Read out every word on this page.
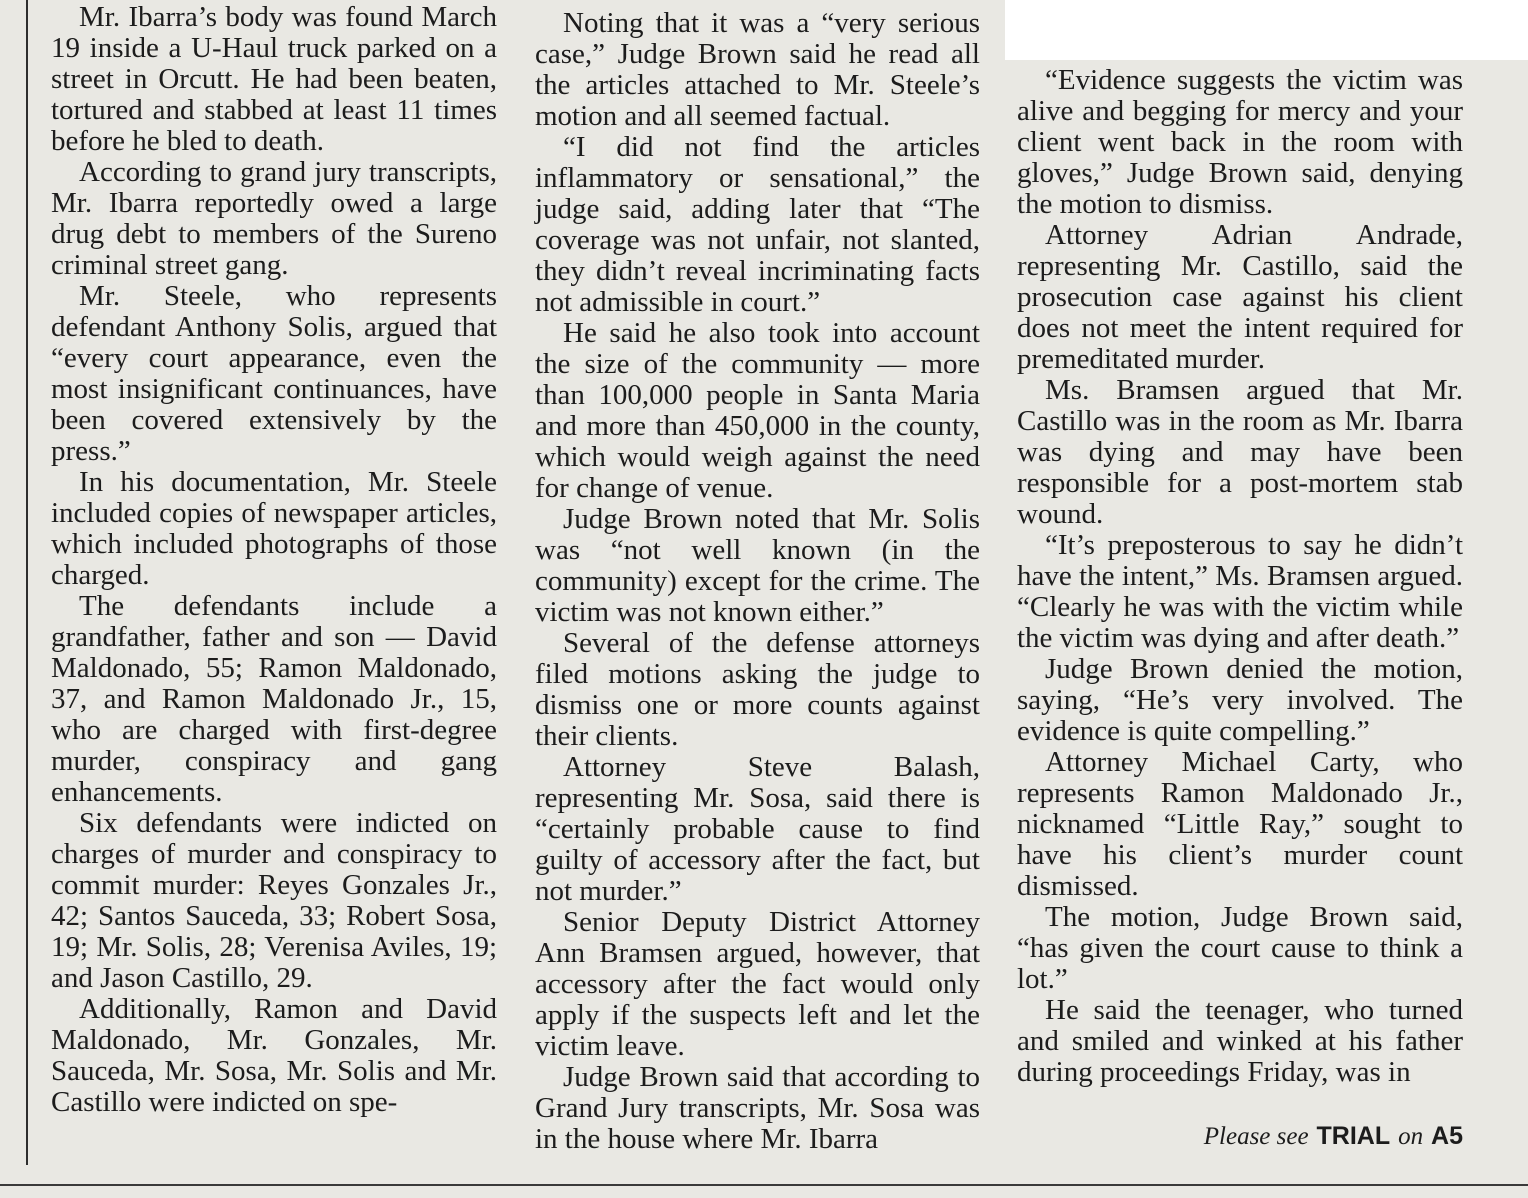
Mr. Ibarra’s body was found March 19 inside a U-Haul truck parked on a street in Orcutt. He had been beaten, tortured and stabbed at least 11 times before he bled to death.

According to grand jury transcripts, Mr. Ibarra reportedly owed a large drug debt to members of the Sureno criminal street gang.

Mr. Steele, who represents defendant Anthony Solis, argued that “every court appearance, even the most insignificant continuances, have been covered extensively by the press.”

In his documentation, Mr. Steele included copies of newspaper articles, which included photographs of those charged.

The defendants include a grandfather, father and son — David Maldonado, 55; Ramon Maldonado, 37, and Ramon Maldonado Jr., 15, who are charged with first-degree murder, conspiracy and gang enhancements.

Six defendants were indicted on charges of murder and conspiracy to commit murder: Reyes Gonzales Jr., 42; Santos Sauceda, 33; Robert Sosa, 19; Mr. Solis, 28; Verenisa Aviles, 19; and Jason Castillo, 29.

Additionally, Ramon and David Maldonado, Mr. Gonzales, Mr. Sauceda, Mr. Sosa, Mr. Solis and Mr. Castillo were indicted on spe-

Noting that it was a “very serious case,” Judge Brown said he read all the articles attached to Mr. Steele’s motion and all seemed factual.

“I did not find the articles inflammatory or sensational,” the judge said, adding later that “The coverage was not unfair, not slanted, they didn’t reveal incriminating facts not admissible in court.”

He said he also took into account the size of the community — more than 100,000 people in Santa Maria and more than 450,000 in the county, which would weigh against the need for change of venue.

Judge Brown noted that Mr. Solis was “not well known (in the community) except for the crime. The victim was not known either.”

Several of the defense attorneys filed motions asking the judge to dismiss one or more counts against their clients.

Attorney Steve Balash, representing Mr. Sosa, said there is “certainly probable cause to find guilty of accessory after the fact, but not murder.”

Senior Deputy District Attorney Ann Bramsen argued, however, that accessory after the fact would only apply if the suspects left and let the victim leave.

Judge Brown said that according to Grand Jury transcripts, Mr. Sosa was in the house where Mr. Ibarra

“Evidence suggests the victim was alive and begging for mercy and your client went back in the room with gloves,” Judge Brown said, denying the motion to dismiss.

Attorney Adrian Andrade, representing Mr. Castillo, said the prosecution case against his client does not meet the intent required for premeditated murder.

Ms. Bramsen argued that Mr. Castillo was in the room as Mr. Ibarra was dying and may have been responsible for a post-mortem stab wound.

“It’s preposterous to say he didn’t have the intent,” Ms. Bramsen argued. “Clearly he was with the victim while the victim was dying and after death.”

Judge Brown denied the motion, saying, “He’s very involved. The evidence is quite compelling.”

Attorney Michael Carty, who represents Ramon Maldonado Jr., nicknamed “Little Ray,” sought to have his client’s murder count dismissed.

The motion, Judge Brown said, “has given the court cause to think a lot.”

He said the teenager, who turned and smiled and winked at his father during proceedings Friday, was in

Please see TRIAL on A5
